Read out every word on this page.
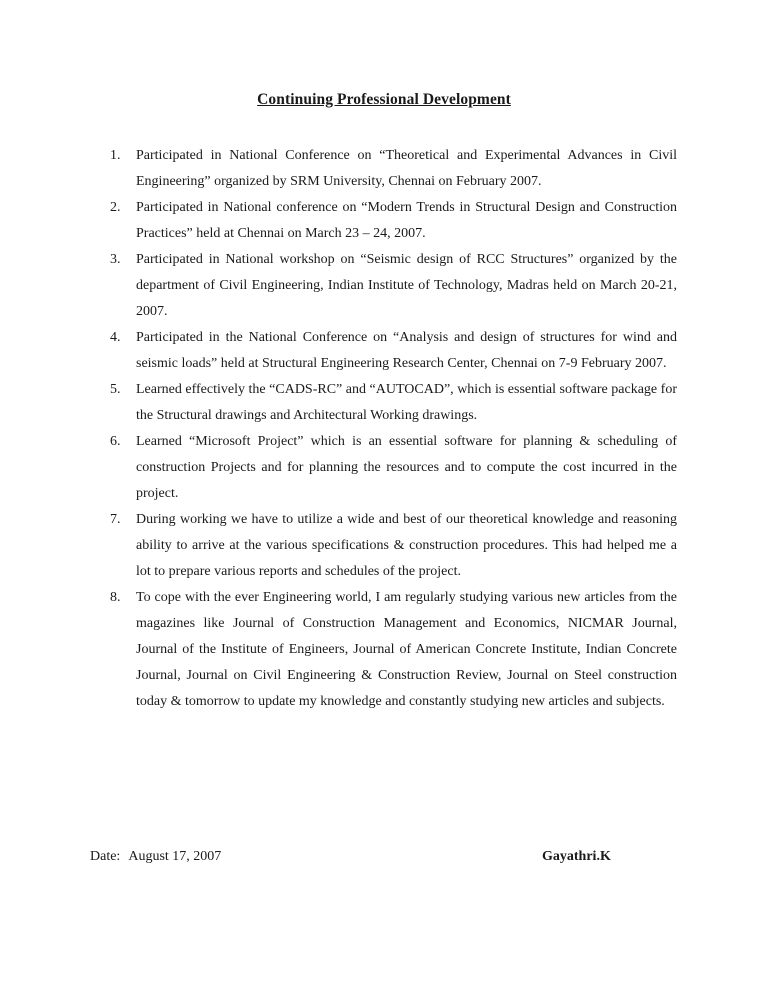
Continuing Professional Development
1. Participated in National Conference on “Theoretical and Experimental Advances in Civil Engineering” organized by SRM University, Chennai on February 2007.
2. Participated in National conference on “Modern Trends in Structural Design and Construction Practices” held at Chennai on March 23 – 24, 2007.
3. Participated in National workshop on “Seismic design of RCC Structures” organized by the department of Civil Engineering, Indian Institute of Technology, Madras held on March 20-21, 2007.
4. Participated in the National Conference on “Analysis and design of structures for wind and seismic loads” held at Structural Engineering Research Center, Chennai on 7-9 February 2007.
5. Learned effectively the “CADS-RC” and “AUTOCAD”, which is essential software package for the Structural drawings and Architectural Working drawings.
6. Learned “Microsoft Project” which is an essential software for planning & scheduling of construction Projects and for planning the resources and to compute the cost incurred in the project.
7. During working we have to utilize a wide and best of our theoretical knowledge and reasoning ability to arrive at the various specifications & construction procedures. This had helped me a lot to prepare various reports and schedules of the project.
8. To cope with the ever Engineering world, I am regularly studying various new articles from the magazines like Journal of Construction Management and Economics, NICMAR Journal, Journal of the Institute of Engineers, Journal of American Concrete Institute, Indian Concrete Journal, Journal on Civil Engineering & Construction Review, Journal on Steel construction today & tomorrow to update my knowledge and constantly studying new articles and subjects.
Date: August 17, 2007	Gayathri.K
